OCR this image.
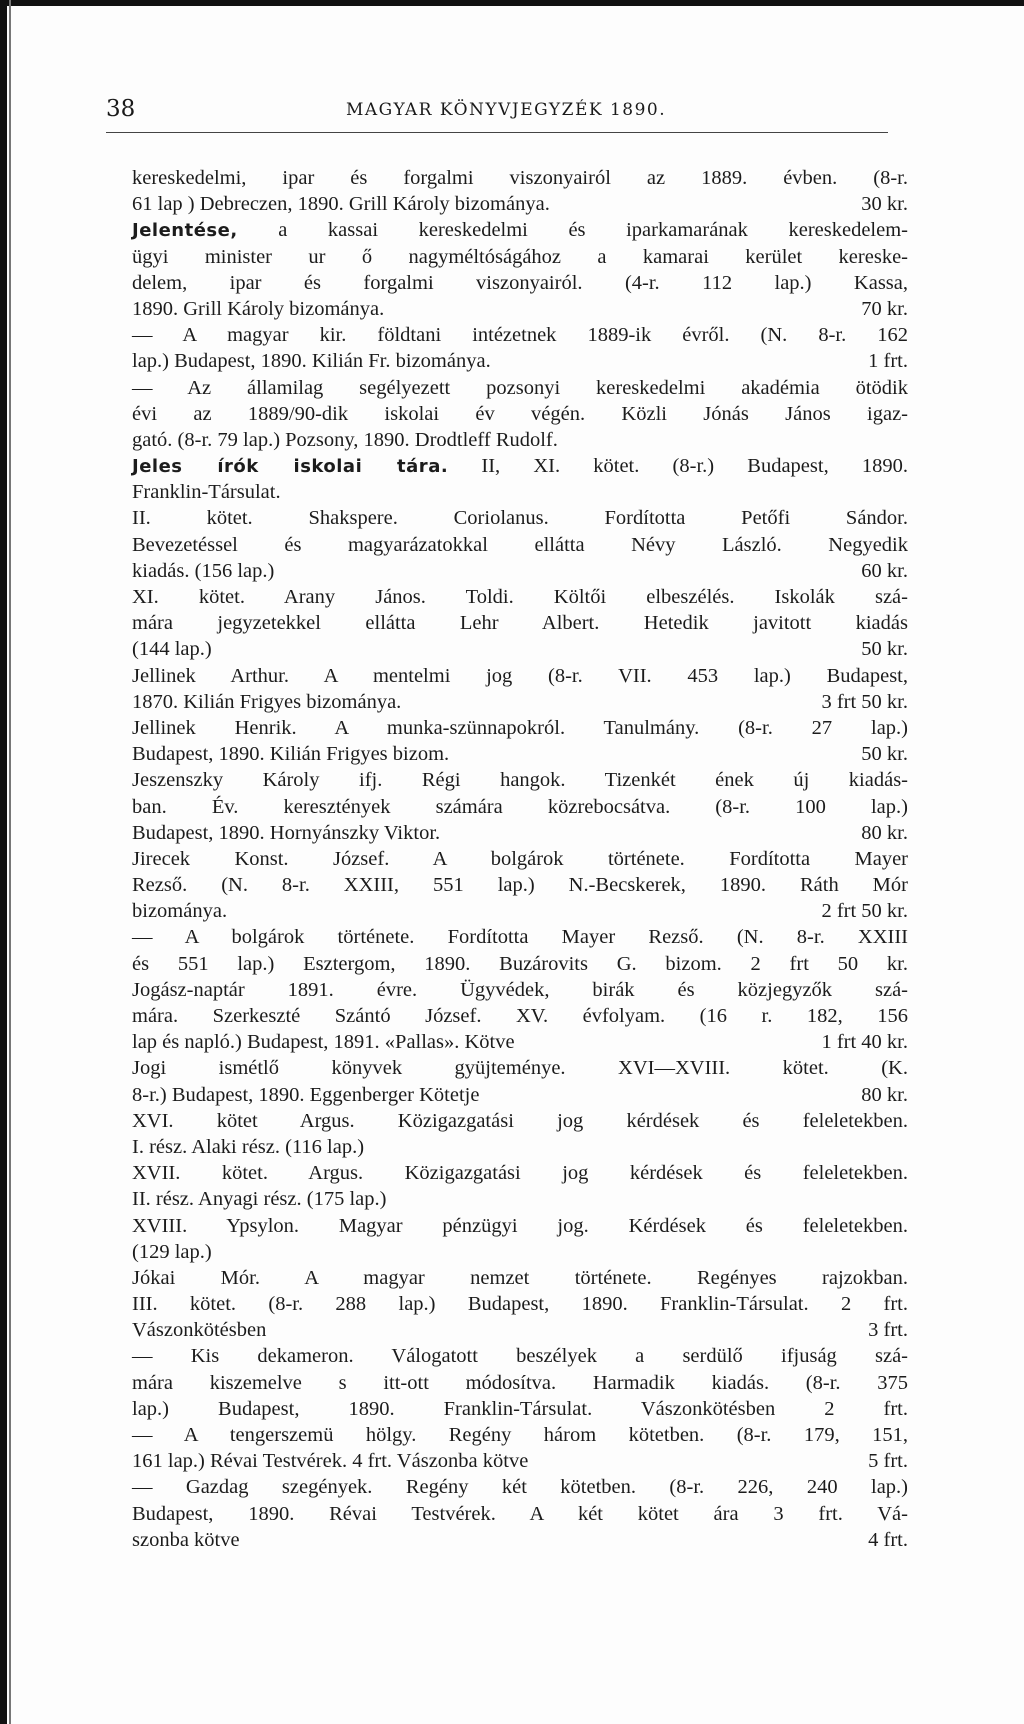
38	MAGYAR KÖNYVJEGYZÉK 1890.
kereskedelmi, ipar és forgalmi viszonyairól az 1889. évben. (8-r.
61 lap ) Debreczen, 1890. Grill Károly bizománya.	30 kr.
Jelentése, a kassai kereskedelmi és iparkamarának kereskedelem-
ügyi minister ur ő nagyméltóságához a kamarai kerület kereske-
delem, ipar és forgalmi viszonyairól. (4-r. 112 lap.) Kassa,
1890. Grill Károly bizománya.	70 kr.
— A magyar kir. földtani intézetnek 1889-ik évről. (N. 8-r. 162
lap.) Budapest, 1890. Kilián Fr. bizománya.	1 frt.
— Az államilag segélyezett pozsonyi kereskedelmi akadémia ötödik
évi az 1889/90-dik iskolai év végén. Közli Jónás János igaz-
gató. (8-r. 79 lap.) Pozsony, 1890. Drodtleff Rudolf.
Jeles írók iskolai tára. II, XI. kötet. (8-r.) Budapest, 1890.
Franklin-Társulat.
II. kötet. Shakspere. Coriolanus. Fordította Petőfi Sándor.
Bevezetéssel és magyarázatokkal ellátta Névy László. Negyedik
kiadás. (156 lap.)	60 kr.
XI. kötet. Arany János. Toldi. Költői elbeszélés. Iskolák szá-
mára jegyzetekkel ellátta Lehr Albert. Hetedik javitott kiadás
(144 lap.)	50 kr.
Jellinek Arthur. A mentelmi jog (8-r. VII. 453 lap.) Budapest,
1870. Kilián Frigyes bizománya.	3 frt 50 kr.
Jellinek Henrik. A munka-szünnapokról. Tanulmány. (8-r. 27 lap.)
Budapest, 1890. Kilián Frigyes bizom.	50 kr.
Jeszenszky Károly ifj. Régi hangok. Tizenkét ének új kiadás-
ban. Év. keresztények számára közrebocsátva. (8-r. 100 lap.)
Budapest, 1890. Hornyánszky Viktor.	80 kr.
Jirecek Konst. József. A bolgárok története. Fordította Mayer
Rezső. (N. 8-r. XXIII, 551 lap.) N.-Becskerek, 1890. Ráth Mór
bizománya.	2 frt 50 kr.
— A bolgárok története. Fordította Mayer Rezső. (N. 8-r. XXIII
és 551 lap.) Esztergom, 1890. Buzárovits G. bizom. 2 frt 50 kr.
Jogász-naptár 1891. évre. Ügyvédek, birák és közjegyzők szá-
mára. Szerkeszté Szántó József. XV. évfolyam. (16 r. 182, 156
lap és napló.) Budapest, 1891. «Pallas». Kötve	1 frt 40 kr.
Jogi ismétlő könyvek gyüjteménye. XVI—XVIII. kötet. (K.
8-r.) Budapest, 1890. Eggenberger Kötetje	80 kr.
XVI. kötet Argus. Közigazgatási jog kérdések és feleletekben.
I. rész. Alaki rész. (116 lap.)
XVII. kötet. Argus. Közigazgatási jog kérdések és feleletekben.
II. rész. Anyagi rész. (175 lap.)
XVIII. Ypsylon. Magyar pénzügyi jog. Kérdések és feleletekben.
(129 lap.)
Jókai Mór. A magyar nemzet története. Regényes rajzokban.
III. kötet. (8-r. 288 lap.) Budapest, 1890. Franklin-Társulat. 2 frt.
Vászonkötésben	3 frt.
— Kis dekameron. Válogatott beszélyek a serdülő ifjuság szá-
mára kiszemelve s itt-ott módosítva. Harmadik kiadás. (8-r. 375
lap.) Budapest, 1890. Franklin-Társulat. Vászonkötésben 2 frt.
— A tengerszemü hölgy. Regény három kötetben. (8-r. 179, 151,
161 lap.) Révai Testvérek. 4 frt. Vászonba kötve	5 frt.
— Gazdag szegények. Regény két kötetben. (8-r. 226, 240 lap.)
Budapest, 1890. Révai Testvérek. A két kötet ára 3 frt. Vá-
szonba kötve	4 frt.
